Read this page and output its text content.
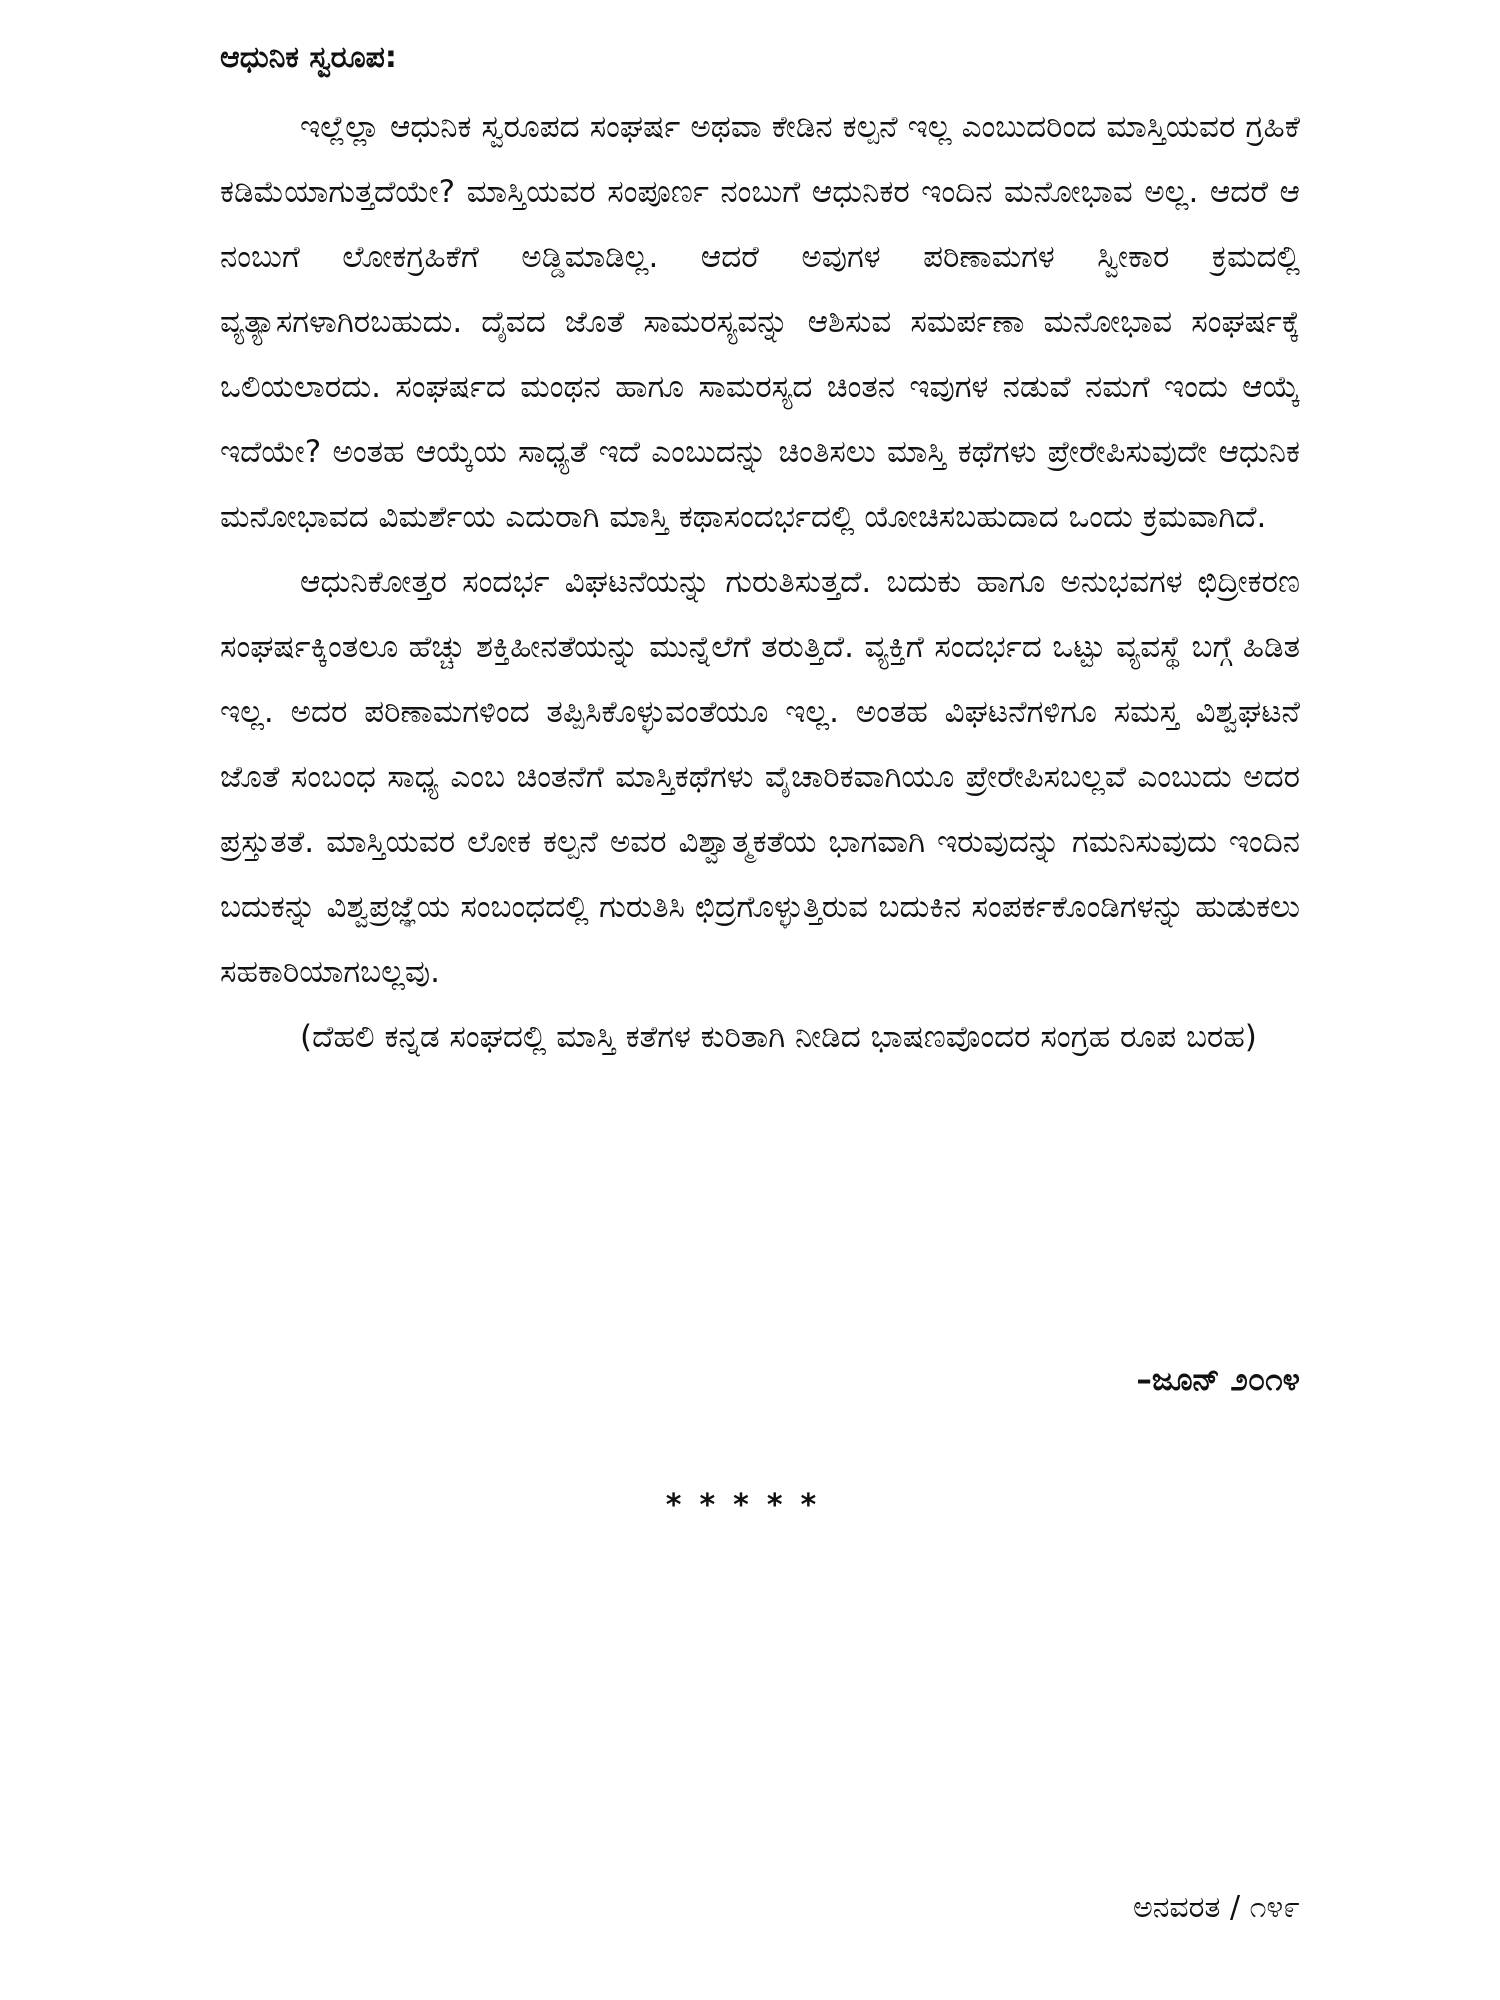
ಆಧುನಿಕ ಸ್ವರೂಪ:

ಇಲ್ಲೆಲ್ಲಾ ಆಧುನಿಕ ಸ್ವರೂಪದ ಸಂಘರ್ಷ ಅಥವಾ ಕೇಡಿನ ಕಲ್ಪನೆ ಇಲ್ಲ ಎಂಬುದರಿಂದ ಮಾಸ್ತಿಯವರ ಗ್ರಹಿಕೆ ಕಡಿಮೆಯಾಗುತ್ತದೆಯೇ? ಮಾಸ್ತಿಯವರ ಸಂಪೂರ್ಣ ನಂಬುಗೆ ಆಧುನಿಕರ ಇಂದಿನ ಮನೋಭಾವ ಅಲ್ಲ. ಆದರೆ ಆ ನಂಬುಗೆ ಲೋಕಗ್ರಹಿಕೆಗೆ ಅಡ್ಡಿಮಾಡಿಲ್ಲ. ಆದರೆ ಅವುಗಳ ಪರಿಣಾಮಗಳ ಸ್ವೀಕಾರ ಕ್ರಮದಲ್ಲಿ ವ್ಯತ್ಯಾಸಗಳಾಗಿರಬಹುದು. ದೈವದ ಜೊತೆ ಸಾಮರಸ್ಯವನ್ನು ಆಶಿಸುವ ಸಮರ್ಪಣಾ ಮನೋಭಾವ ಸಂಘರ್ಷಕ್ಕೆ ಒಲಿಯಲಾರದು. ಸಂಘರ್ಷದ ಮಂಥನ ಹಾಗೂ ಸಾಮರಸ್ಯದ ಚಿಂತನ ಇವುಗಳ ನಡುವೆ ನಮಗೆ ಇಂದು ಆಯ್ಕೆ ಇದೆಯೇ? ಅಂತಹ ಆಯ್ಕೆಯ ಸಾಧ್ಯತೆ ಇದೆ ಎಂಬುದನ್ನು ಚಿಂತಿಸಲು ಮಾಸ್ತಿ ಕಥೆಗಳು ಪ್ರೇರೇಪಿಸುವುದೇ ಆಧುನಿಕ ಮನೋಭಾವದ ವಿಮರ್ಶೆಯ ಎದುರಾಗಿ ಮಾಸ್ತಿ ಕಥಾಸಂದರ್ಭದಲ್ಲಿ ಯೋಚಿಸಬಹುದಾದ ಒಂದು ಕ್ರಮವಾಗಿದೆ.

ಆಧುನಿಕೋತ್ತರ ಸಂದರ್ಭ ವಿಘಟನೆಯನ್ನು ಗುರುತಿಸುತ್ತದೆ. ಬದುಕು ಹಾಗೂ ಅನುಭವಗಳ ಛಿದ್ರೀಕರಣ ಸಂಘರ್ಷಕ್ಕಿಂತಲೂ ಹೆಚ್ಚು ಶಕ್ತಿಹೀನತೆಯನ್ನು ಮುನ್ನೆಲೆಗೆ ತರುತ್ತಿದೆ. ವ್ಯಕ್ತಿಗೆ ಸಂದರ್ಭದ ಒಟ್ಟು ವ್ಯವಸ್ಥೆ ಬಗ್ಗೆ ಹಿಡಿತ ಇಲ್ಲ. ಅದರ ಪರಿಣಾಮಗಳಿಂದ ತಪ್ಪಿಸಿಕೊಳ್ಳುವಂತೆಯೂ ಇಲ್ಲ. ಅಂತಹ ವಿಘಟನೆಗಳಿಗೂ ಸಮಸ್ತ ವಿಶ್ವಘಟನೆ ಜೊತೆ ಸಂಬಂಧ ಸಾಧ್ಯ ಎಂಬ ಚಿಂತನೆಗೆ ಮಾಸ್ತಿಕಥೆಗಳು ವೈಚಾರಿಕವಾಗಿಯೂ ಪ್ರೇರೇಪಿಸಬಲ್ಲವೆ ಎಂಬುದು ಅದರ ಪ್ರಸ್ತುತತೆ. ಮಾಸ್ತಿಯವರ ಲೋಕ ಕಲ್ಪನೆ ಅವರ ವಿಶ್ವಾತ್ಮಕತೆಯ ಭಾಗವಾಗಿ ಇರುವುದನ್ನು ಗಮನಿಸುವುದು ಇಂದಿನ ಬದುಕನ್ನು ವಿಶ್ವಪ್ರಜ್ಞೆಯ ಸಂಬಂಧದಲ್ಲಿ ಗುರುತಿಸಿ ಛಿದ್ರಗೊಳ್ಳುತ್ತಿರುವ ಬದುಕಿನ ಸಂಪರ್ಕಕೊಂಡಿಗಳನ್ನು ಹುಡುಕಲು ಸಹಕಾರಿಯಾಗಬಲ್ಲವು.

(ದೆಹಲಿ ಕನ್ನಡ ಸಂಘದಲ್ಲಿ ಮಾಸ್ತಿ ಕತೆಗಳ ಕುರಿತಾಗಿ ನೀಡಿದ ಭಾಷಣವೊಂದರ ಸಂಗ್ರಹ ರೂಪ ಬರಹ)

–ಜೂನ್ ೨೦೧೪
*****
ಅನವರತ / ೧೪೯
